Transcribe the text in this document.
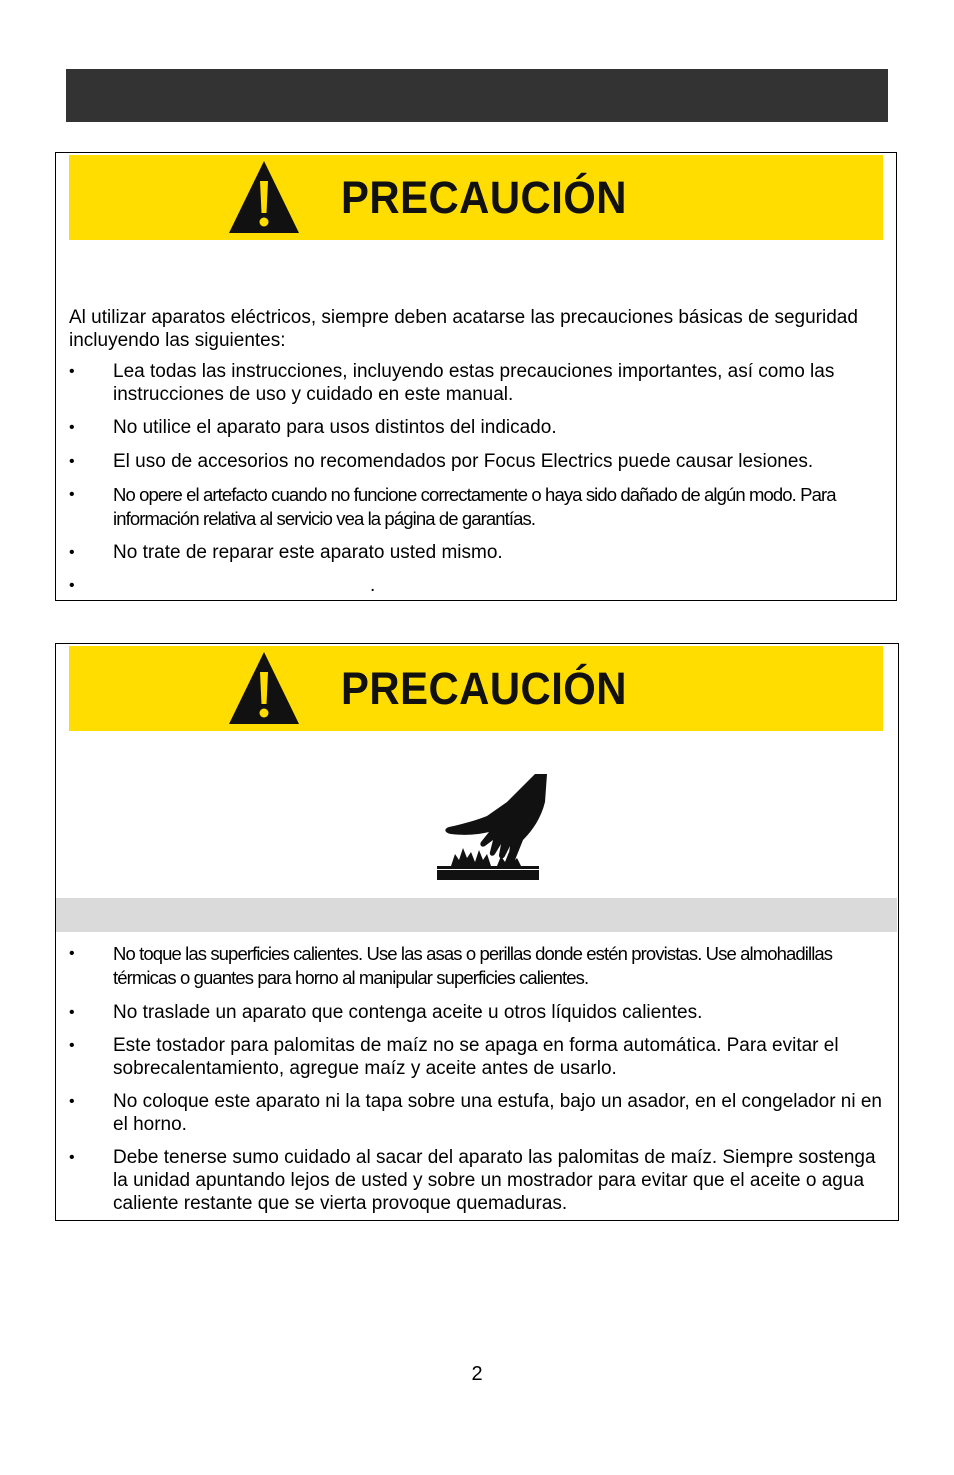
PRECAUCIÓN
Al utilizar aparatos eléctricos, siempre deben acatarse las precauciones básicas de seguridad incluyendo las siguientes:
• Lea todas las instrucciones, incluyendo estas precauciones importantes, así como las instrucciones de uso y cuidado en este manual.
• No utilice el aparato para usos distintos del indicado.
• El uso de accesorios no recomendados por Focus Electrics puede causar lesiones.
• No opere el artefacto cuando no funcione correctamente o haya sido dañado de algún modo. Para información relativa al servicio vea la página de garantías.
• No trate de reparar este aparato usted mismo.
•	.
PRECAUCIÓN
• No toque las superficies calientes. Use las asas o perillas donde estén provistas. Use almohadillas térmicas o guantes para horno al manipular superficies calientes.
• No traslade un aparato que contenga aceite u otros líquidos calientes.
• Este tostador para palomitas de maíz no se apaga en forma automática. Para evitar el sobrecalentamiento, agregue maíz y aceite antes de usarlo.
• No coloque este aparato ni la tapa sobre una estufa, bajo un asador, en el congelador ni en el horno.
• Debe tenerse sumo cuidado al sacar del aparato las palomitas de maíz. Siempre sostenga la unidad apuntando lejos de usted y sobre un mostrador para evitar que el aceite o agua caliente restante que se vierta provoque quemaduras.
2
